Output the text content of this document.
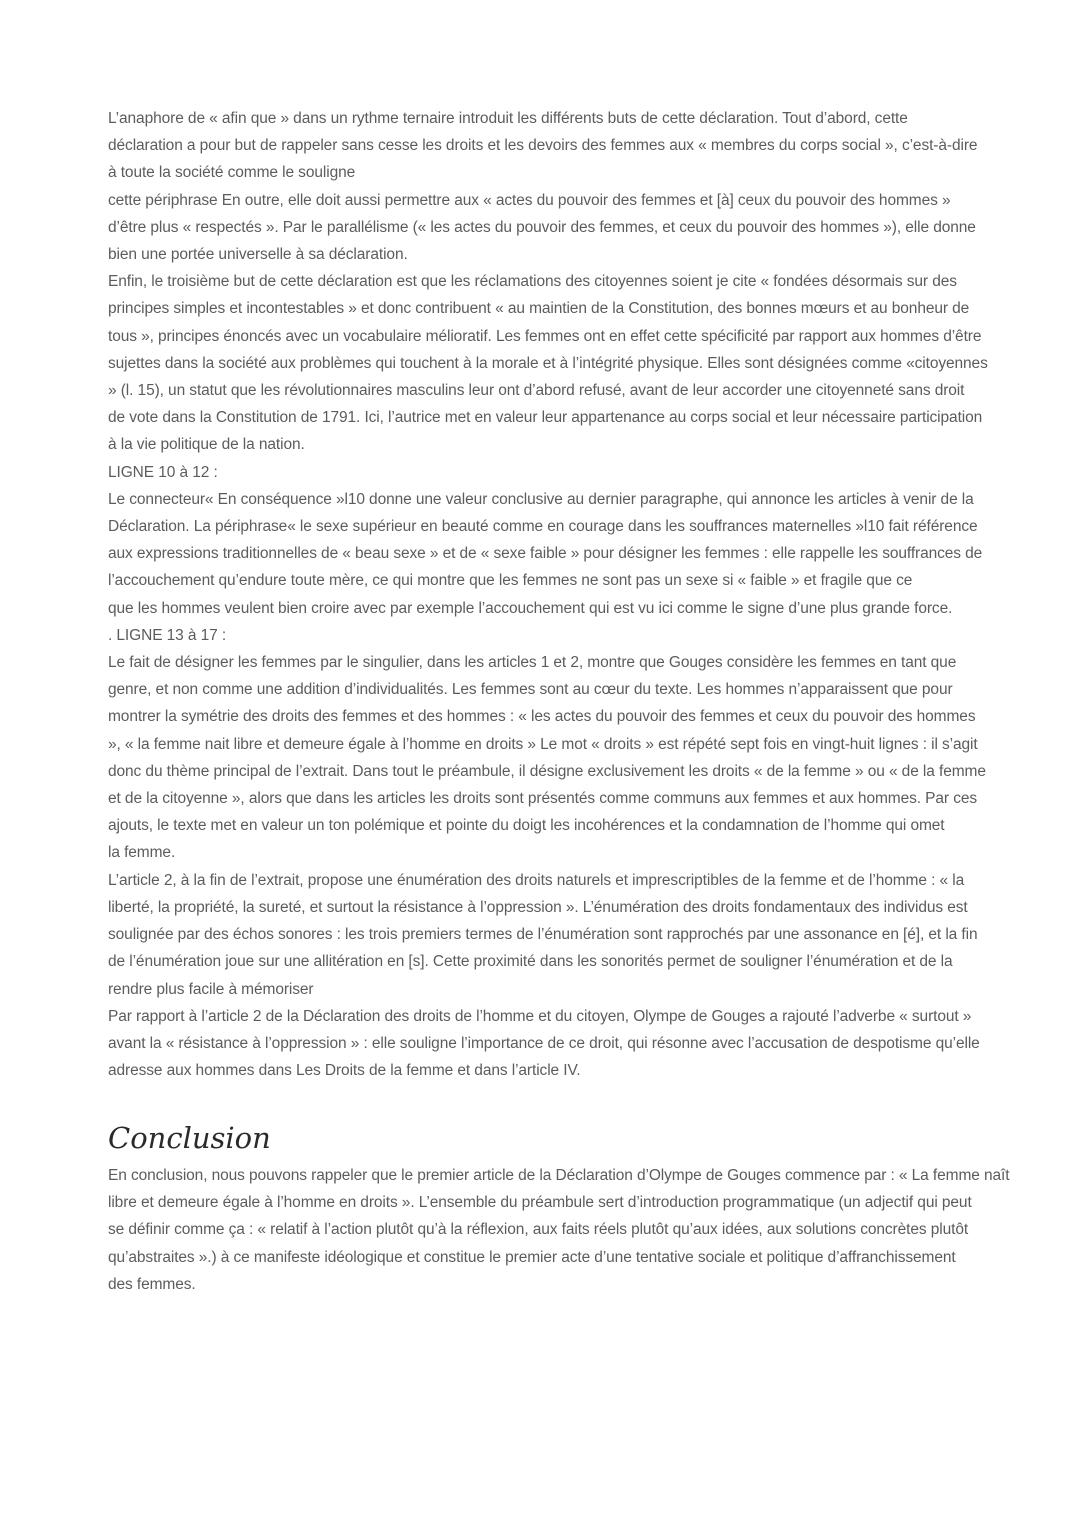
L’anaphore de « afin que » dans un rythme ternaire introduit les différents buts de cette déclaration. Tout d’abord, cette
déclaration a pour but de rappeler sans cesse les droits et les devoirs des femmes aux « membres du corps social », c’est-à-dire
à toute la société comme le souligne
cette périphrase En outre, elle doit aussi permettre aux « actes du pouvoir des femmes et [à] ceux du pouvoir des hommes »
d’être plus « respectés ». Par le parallélisme (« les actes du pouvoir des femmes, et ceux du pouvoir des hommes »), elle donne
bien une portée universelle à sa déclaration.
Enfin, le troisième but de cette déclaration est que les réclamations des citoyennes soient je cite « fondées désormais sur des
principes simples et incontestables » et donc contribuent « au maintien de la Constitution, des bonnes mœurs et au bonheur de
tous », principes énoncés avec un vocabulaire mélioratif. Les femmes ont en effet cette spécificité par rapport aux hommes d’être
sujettes dans la société aux problèmes qui touchent à la morale et à l’intégrité physique. Elles sont désignées comme «citoyennes
» (l. 15), un statut que les révolutionnaires masculins leur ont d’abord refusé, avant de leur accorder une citoyenneté sans droit
de vote dans la Constitution de 1791. Ici, l’autrice met en valeur leur appartenance au corps social et leur nécessaire participation
à la vie politique de la nation.
LIGNE 10 à 12 :
Le connecteur« En conséquence »l10 donne une valeur conclusive au dernier paragraphe, qui annonce les articles à venir de la
Déclaration. La périphrase« le sexe supérieur en beauté comme en courage dans les souffrances maternelles »l10 fait référence
aux expressions traditionnelles de « beau sexe » et de « sexe faible » pour désigner les femmes : elle rappelle les souffrances de
l’accouchement qu’endure toute mère, ce qui montre que les femmes ne sont pas un sexe si « faible » et fragile que ce
que les hommes veulent bien croire avec par exemple l’accouchement qui est vu ici comme le signe d’une plus grande force.
. LIGNE 13 à 17 :
Le fait de désigner les femmes par le singulier, dans les articles 1 et 2, montre que Gouges considère les femmes en tant que
genre, et non comme une addition d’individualités. Les femmes sont au cœur du texte. Les hommes n’apparaissent que pour
montrer la symétrie des droits des femmes et des hommes : « les actes du pouvoir des femmes et ceux du pouvoir des hommes
», « la femme nait libre et demeure égale à l’homme en droits » Le mot « droits » est répété sept fois en vingt-huit lignes : il s’agit
donc du thème principal de l’extrait. Dans tout le préambule, il désigne exclusivement les droits « de la femme » ou « de la femme
et de la citoyenne », alors que dans les articles les droits sont présentés comme communs aux femmes et aux hommes. Par ces
ajouts, le texte met en valeur un ton polémique et pointe du doigt les incohérences et la condamnation de l’homme qui omet
la femme.
L’article 2, à la fin de l’extrait, propose une énumération des droits naturels et imprescriptibles de la femme et de l’homme : « la
liberté, la propriété, la sureté, et surtout la résistance à l’oppression ». L’énumération des droits fondamentaux des individus est
soulignée par des échos sonores : les trois premiers termes de l’énumération sont rapprochés par une assonance en [é], et la fin
de l’énumération joue sur une allitération en [s]. Cette proximité dans les sonorités permet de souligner l’énumération et de la
rendre plus facile à mémoriser
Par rapport à l’article 2 de la Déclaration des droits de l’homme et du citoyen, Olympe de Gouges a rajouté l’adverbe « surtout »
avant la « résistance à l’oppression » : elle souligne l’importance de ce droit, qui résonne avec l’accusation de despotisme qu’elle
adresse aux hommes dans Les Droits de la femme et dans l’article IV.
Conclusion
En conclusion, nous pouvons rappeler que le premier article de la Déclaration d’Olympe de Gouges commence par : « La femme naît
libre et demeure égale à l’homme en droits ». L’ensemble du préambule sert d’introduction programmatique (un adjectif qui peut
se définir comme ça : « relatif à l’action plutôt qu’à la réflexion, aux faits réels plutôt qu’aux idées, aux solutions concrètes plutôt
qu’abstraites ».) à ce manifeste idéologique et constitue le premier acte d’une tentative sociale et politique d’affranchissement
des femmes.
